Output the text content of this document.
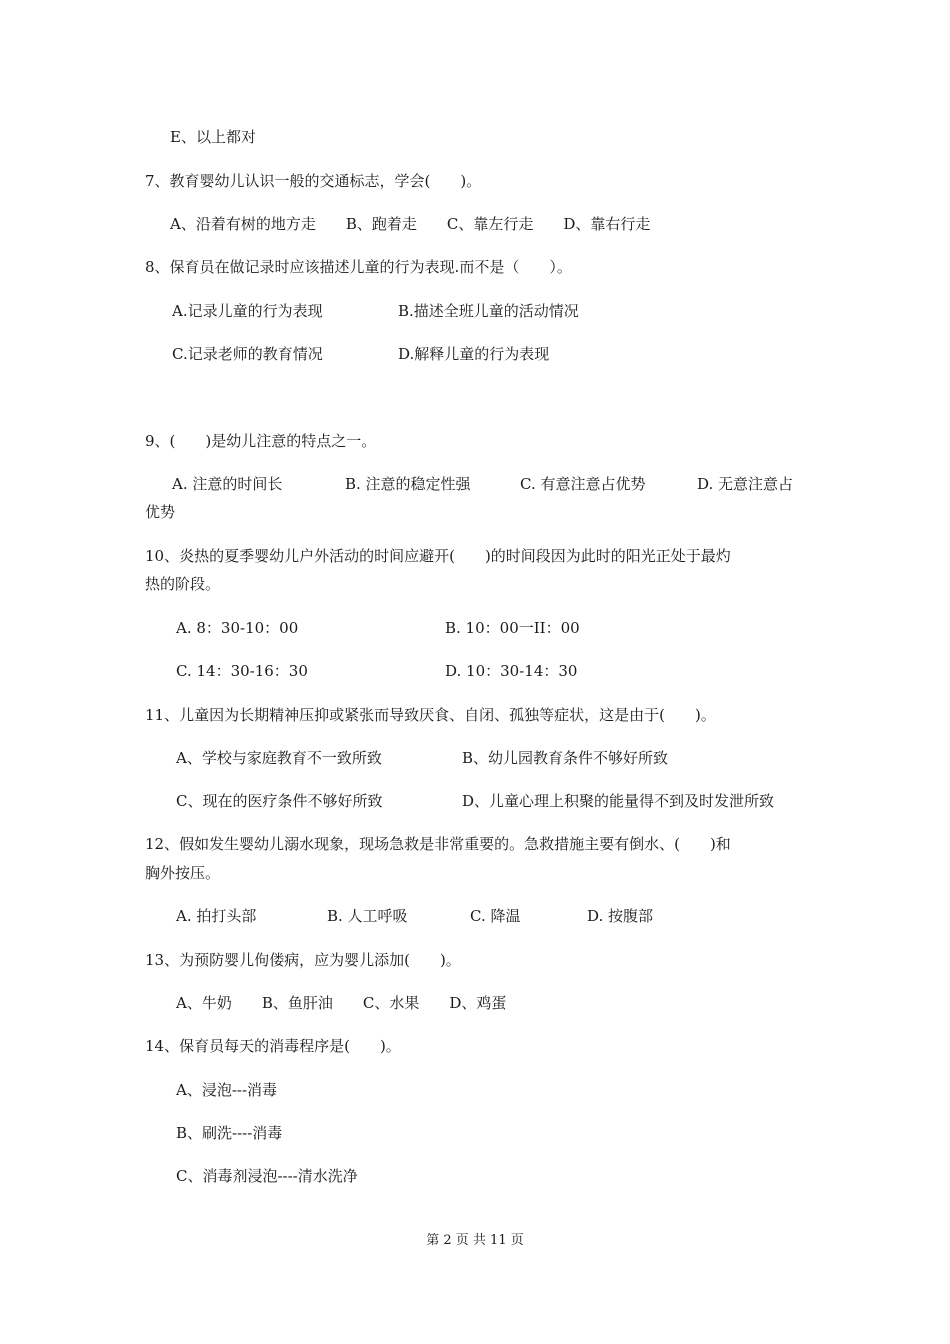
E、以上都对
7、教育婴幼儿认识一般的交通标志，学会(　　)。
A、沿着有树的地方走　　B、跑着走　　C、靠左行走　　D、靠右行走
8、保育员在做记录时应该描述儿童的行为表现.而不是（　　）。
A.记录儿童的行为表现	B.描述全班儿童的活动情况
C.记录老师的教育情况	D.解释儿童的行为表现
9、(　　)是幼儿注意的特点之一。
A. 注意的时间长	B. 注意的稳定性强	C. 有意注意占优势	D. 无意注意占
优势
10、炎热的夏季婴幼儿户外活动的时间应避开(　　)的时间段因为此时的阳光正处于最灼
热的阶段。
A. 8：30-10：00	B. 10：00一II：00
C. 14：30-16：30	D. 10：30-14：30
11、儿童因为长期精神压抑或紧张而导致厌食、自闭、孤独等症状，这是由于(　　)。
A、学校与家庭教育不一致所致	B、幼儿园教育条件不够好所致
C、现在的医疗条件不够好所致	D、儿童心理上积聚的能量得不到及时发泄所致
12、假如发生婴幼儿溺水现象，现场急救是非常重要的。急救措施主要有倒水、(　　)和
胸外按压。
A. 拍打头部	B. 人工呼吸	C. 降温	D. 按腹部
13、为预防婴儿佝偻病，应为婴儿添加(　　)。
A、牛奶　　B、鱼肝油　　C、水果　　D、鸡蛋
14、保育员每天的消毒程序是(　　)。
A、浸泡---消毒
B、刷洗----消毒
C、消毒剂浸泡----清水洗净
第 2 页 共 11 页
